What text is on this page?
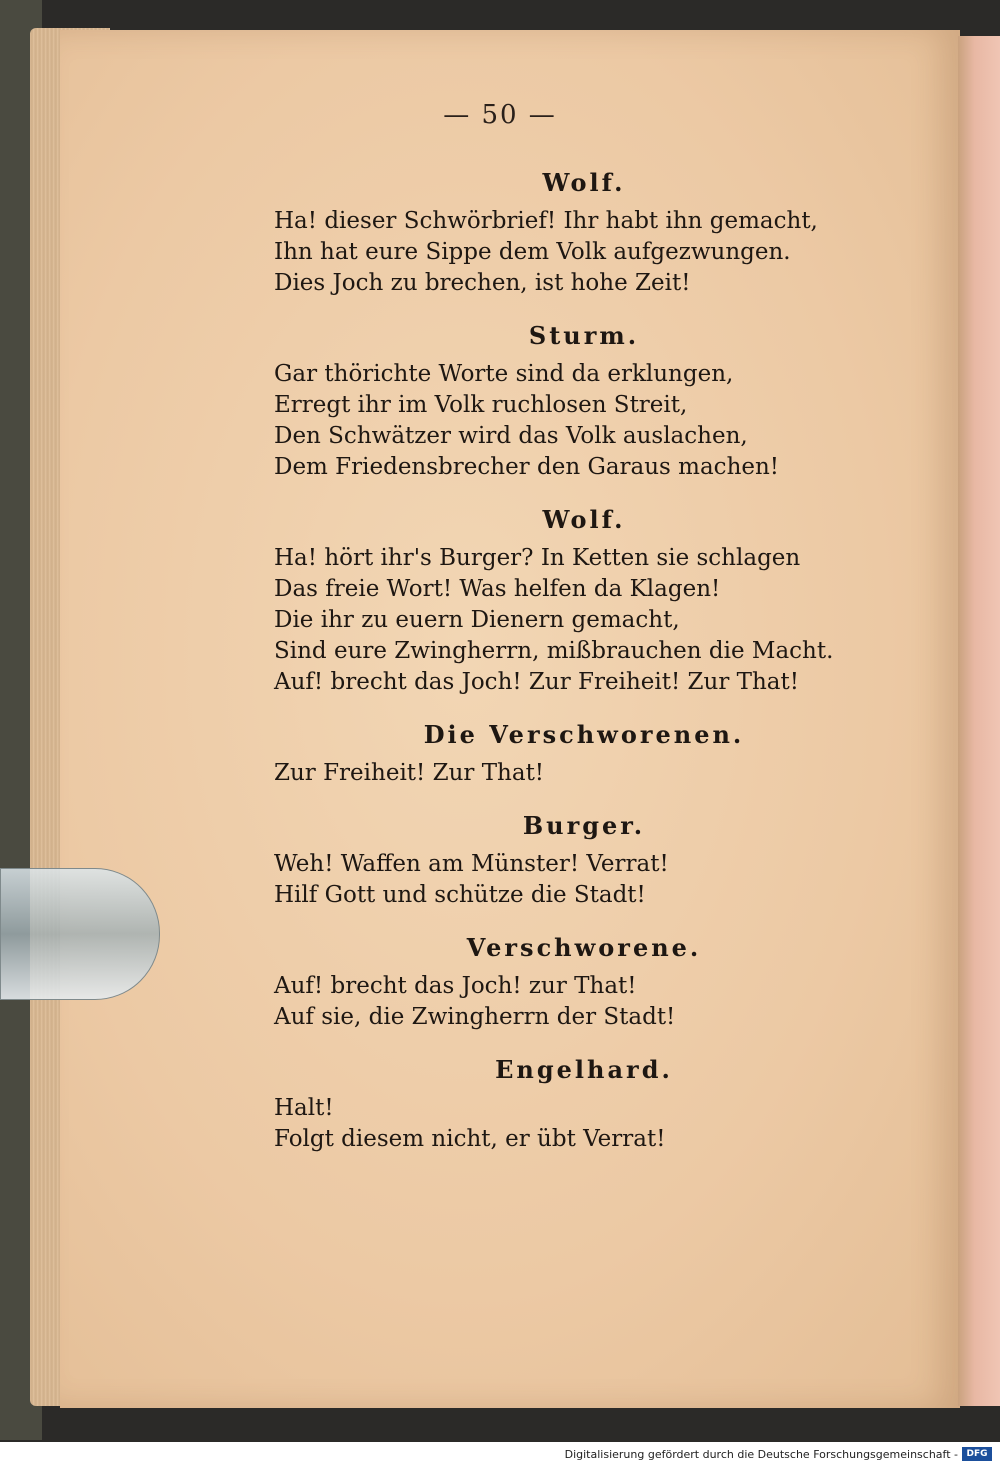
— 50 —

Wolf.

Ha! dieser Schwörbrief! Ihr habt ihn gemacht,

Ihn hat eure Sippe dem Volk aufgezwungen.

Dies Joch zu brechen, ist hohe Zeit!

Sturm.

Gar thörichte Worte sind da erklungen,

Erregt ihr im Volk ruchlosen Streit,

Den Schwätzer wird das Volk auslachen,

Dem Friedensbrecher den Garaus machen!

Wolf.

Ha! hört ihr's Burger? In Ketten sie schlagen

Das freie Wort! Was helfen da Klagen!

Die ihr zu euern Dienern gemacht,

Sind eure Zwingherrn, mißbrauchen die Macht.

Auf! brecht das Joch! Zur Freiheit! Zur That!

Die Verschworenen.

Zur Freiheit! Zur That!

Burger.

Weh! Waffen am Münster! Verrat!

Hilf Gott und schütze die Stadt!

Verschworene.

Auf! brecht das Joch! zur That!

Auf sie, die Zwingherrn der Stadt!

Engelhard.

Halt!

Folgt diesem nicht, er übt Verrat!

Digitalisierung gefördert durch die Deutsche Forschungsgemeinschaft - DFG
